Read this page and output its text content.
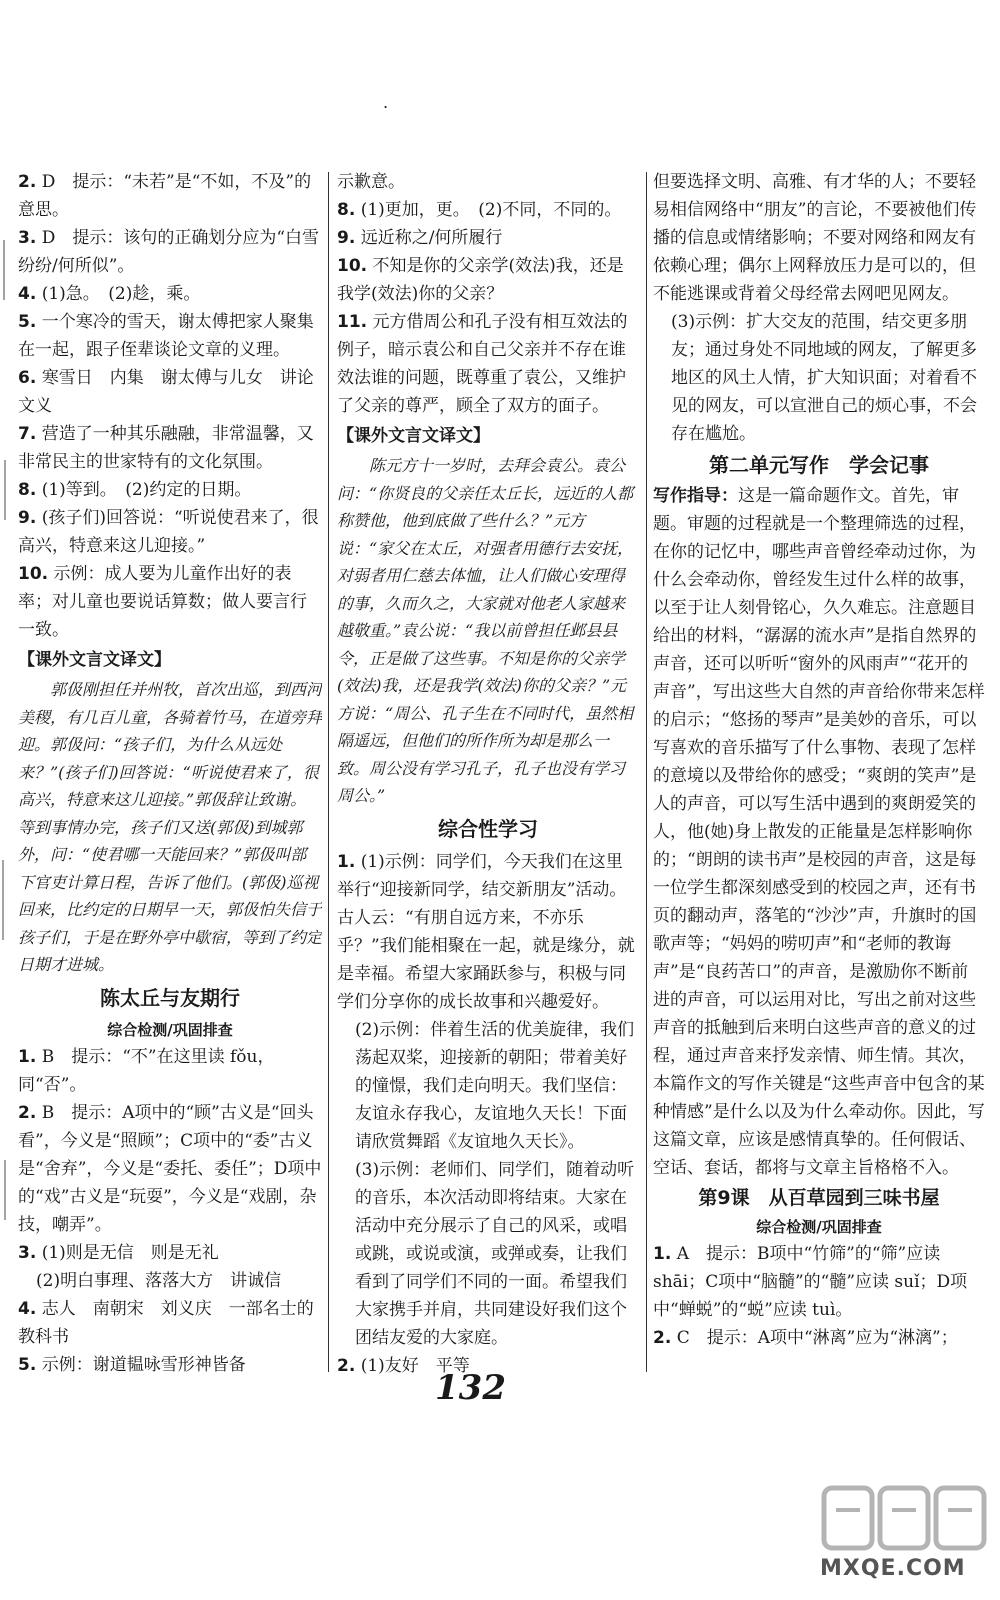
.
2. D　提示：“未若”是“不如，不及”的意思。
3. D　提示：该句的正确划分应为“白雪纷纷/何所似”。
4. (1)急。　(2)趁，乘。
5. 一个寒冷的雪天，谢太傅把家人聚集在一起，跟子侄辈谈论文章的义理。
6. 寒雪日　内集　谢太傅与儿女　讲论文义
7. 营造了一种其乐融融，非常温馨，又非常民主的世家特有的文化氛围。
8. (1)等到。　(2)约定的日期。
9. (孩子们)回答说：“听说使君来了，很高兴，特意来这儿迎接。”
10. 示例：成人要为儿童作出好的表率；对儿童也要说话算数；做人要言行一致。
【课外文言文译文】
郭伋刚担任并州牧，首次出巡，到西河美稷，有几百儿童，各骑着竹马，在道旁拜迎。郭伋问：“孩子们，为什么从远处来？”(孩子们)回答说：“听说使君来了，很高兴，特意来这儿迎接。”郭伋辞让致谢。等到事情办完，孩子们又送(郭伋)到城郭外，问：“使君哪一天能回来？”郭伋叫部下官吏计算日程，告诉了他们。(郭伋)巡视回来，比约定的日期早一天，郭伋怕失信于孩子们，于是在野外亭中歇宿，等到了约定日期才进城。
陈太丘与友期行
综合检测/巩固排查
1. B　提示：“不”在这里读 fǒu，同“否”。
2. B　提示：A项中的“顾”古义是“回头看”，今义是“照顾”；C项中的“委”古义是“舍弃”，今义是“委托、委任”；D项中的“戏”古义是“玩耍”，今义是“戏剧，杂技，嘲弄”。
3. (1)则是无信　则是无礼
(2)明白事理、落落大方　讲诚信
4. 志人　南朝宋　刘义庆　一部名士的教科书
5. 示例：谢道韫咏雪形神皆备
示歉意。
8. (1)更加，更。　(2)不同，不同的。
9. 远近称之/何所履行
10. 不知是你的父亲学(效法)我，还是我学(效法)你的父亲？
11. 元方借周公和孔子没有相互效法的例子，暗示袁公和自己父亲并不存在谁效法谁的问题，既尊重了袁公，又维护了父亲的尊严，顾全了双方的面子。
【课外文言文译文】
陈元方十一岁时，去拜会袁公。袁公问：“你贤良的父亲任太丘长，远近的人都称赞他，他到底做了些什么？”元方说：“家父在太丘，对强者用德行去安抚，对弱者用仁慈去体恤，让人们做心安理得的事，久而久之，大家就对他老人家越来越敬重。”袁公说：“我以前曾担任邺县县令，正是做了这些事。不知是你的父亲学(效法)我，还是我学(效法)你的父亲？”元方说：“周公、孔子生在不同时代，虽然相隔遥远，但他们的所作所为却是那么一致。周公没有学习孔子，孔子也没有学习周公。”
综合性学习
1. (1)示例：同学们，今天我们在这里举行“迎接新同学，结交新朋友”活动。古人云：“有朋自远方来，不亦乐乎？”我们能相聚在一起，就是缘分，就是幸福。希望大家踊跃参与，积极与同学们分享你的成长故事和兴趣爱好。
(2)示例：伴着生活的优美旋律，我们荡起双桨，迎接新的朝阳；带着美好的憧憬，我们走向明天。我们坚信：友谊永存我心，友谊地久天长！下面请欣赏舞蹈《友谊地久天长》。
(3)示例：老师们、同学们，随着动听的音乐，本次活动即将结束。大家在活动中充分展示了自己的风采，或唱或跳，或说或演，或弹或奏，让我们看到了同学们不同的一面。希望我们大家携手并肩，共同建设好我们这个团结友爱的大家庭。
2. (1)友好　平等
但要选择文明、高雅、有才华的人；不要轻易相信网络中“朋友”的言论，不要被他们传播的信息或情绪影响；不要对网络和网友有依赖心理；偶尔上网释放压力是可以的，但不能逃课或背着父母经常去网吧见网友。
(3)示例：扩大交友的范围，结交更多朋友；通过身处不同地域的网友，了解更多地区的风土人情，扩大知识面；对着看不见的网友，可以宣泄自己的烦心事，不会存在尴尬。
第二单元写作　学会记事
写作指导：这是一篇命题作文。首先，审题。审题的过程就是一个整理筛选的过程，在你的记忆中，哪些声音曾经牵动过你，为什么会牵动你，曾经发生过什么样的故事，以至于让人刻骨铭心，久久难忘。注意题目给出的材料，“潺潺的流水声”是指自然界的声音，还可以听听“窗外的风雨声”“花开的声音”，写出这些大自然的声音给你带来怎样的启示；“悠扬的琴声”是美妙的音乐，可以写喜欢的音乐描写了什么事物、表现了怎样的意境以及带给你的感受；“爽朗的笑声”是人的声音，可以写生活中遇到的爽朗爱笑的人，他(她)身上散发的正能量是怎样影响你的；“朗朗的读书声”是校园的声音，这是每一位学生都深刻感受到的校园之声，还有书页的翻动声，落笔的“沙沙”声，升旗时的国歌声等；“妈妈的唠叨声”和“老师的教诲声”是“良药苦口”的声音，是激励你不断前进的声音，可以运用对比，写出之前对这些声音的抵触到后来明白这些声音的意义的过程，通过声音来抒发亲情、师生情。其次，本篇作文的写作关键是“这些声音中包含的某种情感”是什么以及为什么牵动你。因此，写这篇文章，应该是感情真挚的。任何假话、空话、套话，都将与文章主旨格格不入。
第9课　从百草园到三味书屋
综合检测/巩固排查
1. A　提示：B项中“竹筛”的“筛”应读 shāi；C项中“脑髓”的“髓”应读 suǐ；D项中“蝉蜕”的“蜕”应读 tuì。
2. C　提示：A项中“淋离”应为“淋漓”；
132
MXQE.COM
